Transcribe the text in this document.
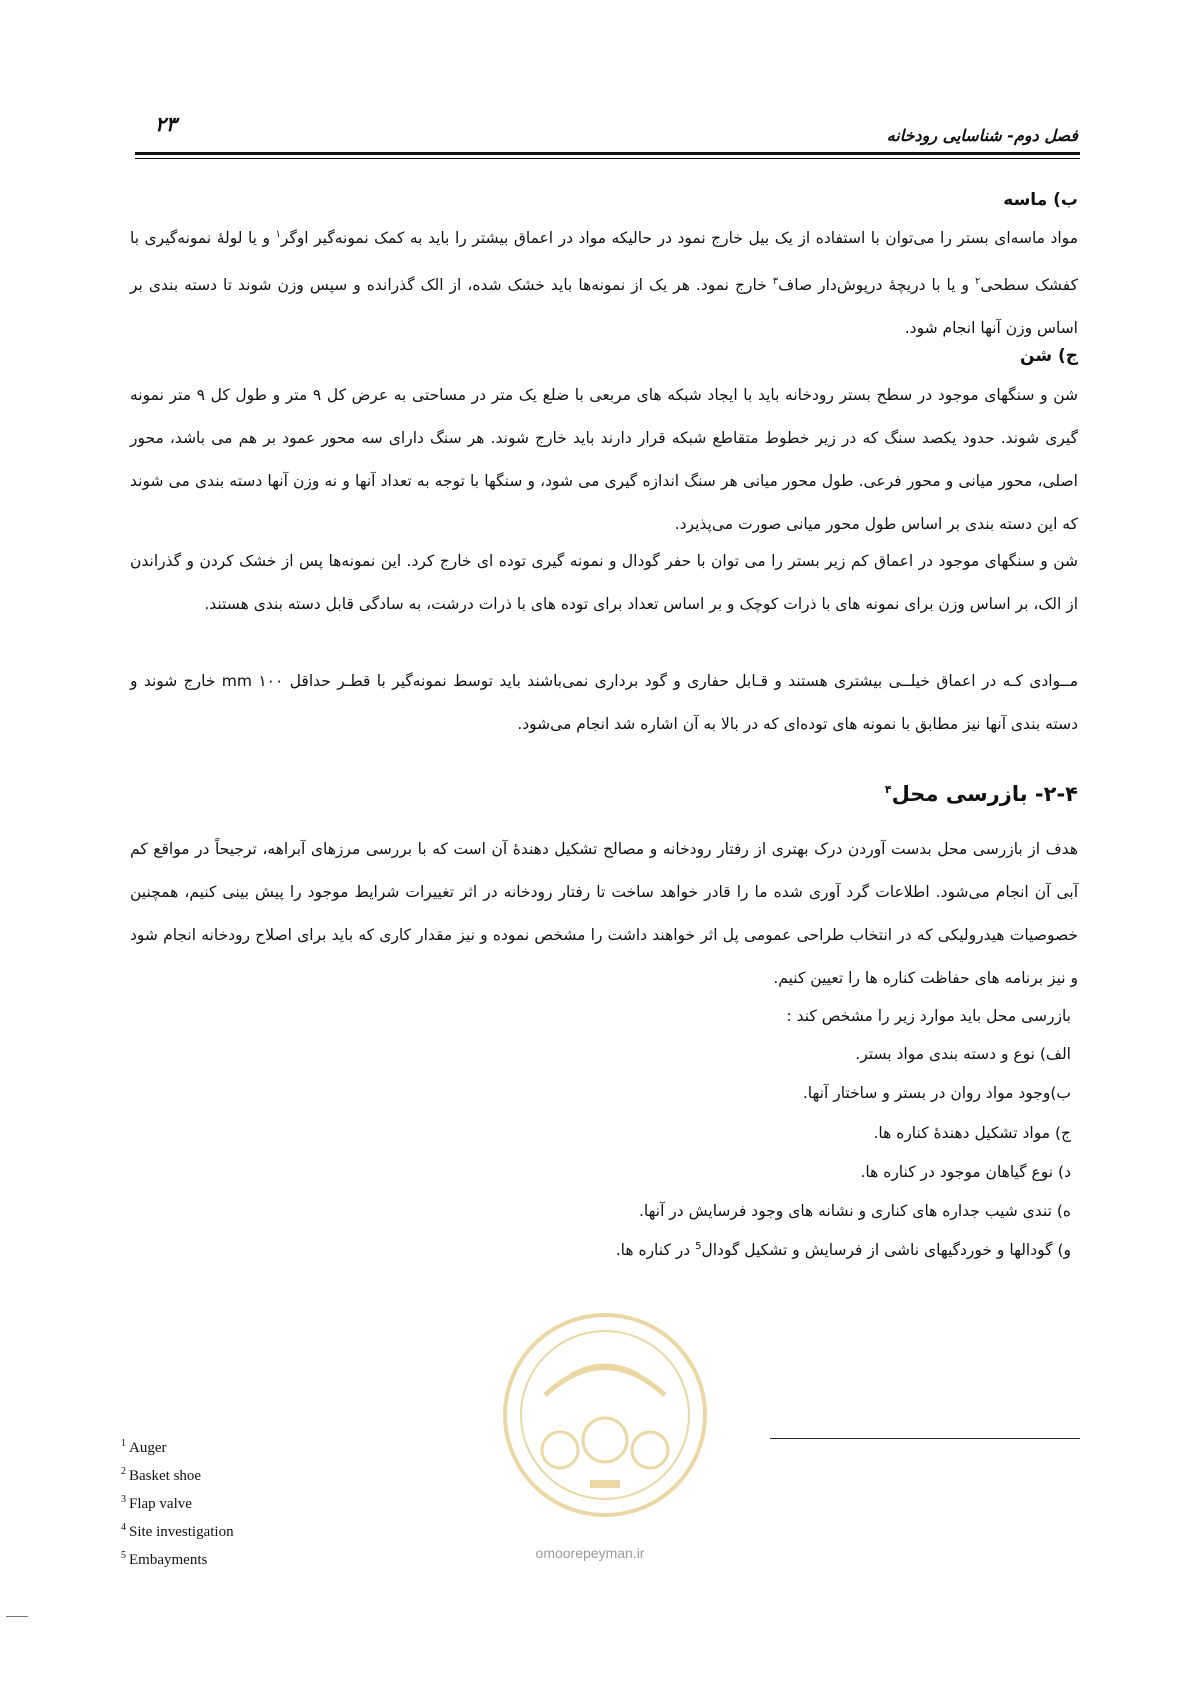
۲۳	فصل دوم- شناسایی رودخانه
ب) ماسه

مواد ماسه‌ای بستر را می‌توان با استفاده از یک بیل خارج نمود در حالیکه مواد در اعماق بیشتر را باید به کمک نمونه‌گیر اوگر$^۱$ و یا لولهٔ نمونه‌گیری با کفشک سطحی$^۲$ و یا با دریچهٔ درپوش‌دار صاف$^۳$ خارج نمود. هر یک از نمونه‌ها باید خشک شده، از الک گذرانده و سپس وزن شوند تا دسته بندی بر اساس وزن آنها انجام شود.

ج) شن

شن و سنگهای موجود در سطح بستر رودخانه باید با ایجاد شبکه های مربعی با ضلع یک متر در مساحتی به عرض کل ۹ متر و طول کل ۹ متر نمونه گیری شوند. حدود یکصد سنگ که در زیر خطوط متقاطع شبکه قرار دارند باید خارج شوند. هر سنگ دارای سه محور عمود بر هم می باشد، محور اصلی، محور میانی و محور فرعی. طول محور میانی هر سنگ اندازه گیری می شود، و سنگها با توجه به تعداد آنها و نه وزن آنها دسته بندی می شوند که این دسته بندی بر اساس طول محور میانی صورت می‌پذیرد.

شن و سنگهای موجود در اعماق کم زیر بستر را می توان با حفر گودال و نمونه گیری توده ای خارج کرد. این نمونه‌ها پس از خشک کردن و گذراندن از الک، بر اساس وزن برای نمونه های با ذرات کوچک و بر اساس تعداد برای توده های با ذرات درشت، به سادگی قابل دسته بندی هستند.

مــوادی کـه در اعماق خیلــی بیشتری هستند و قـابل حفاری و گود برداری نمی‌باشند باید توسط نمونه‌گیر با قطـر حداقل ۱۰۰ mm خارج شوند و دسته بندی آنها نیز مطابق با نمونه های توده‌ای که در بالا به آن اشاره شد انجام می‌شود.

۲-۴- بازرسی محل$^۴$

هدف از بازرسی محل بدست آوردن درک بهتری از رفتار رودخانه و مصالح تشکیل دهندهٔ آن است که با بررسی مرزهای آبراهه، ترجیحاً در مواقع کم آبی آن انجام می‌شود. اطلاعات گرد آوری شده ما را قادر خواهد ساخت تا رفتار رودخانه در اثر تغییرات شرایط موجود را پیش بینی کنیم، همچنین خصوصیات هیدرولیکی که در انتخاب طراحی عمومی پل اثر خواهند داشت را مشخص نموده و نیز مقدار کاری که باید برای اصلاح رودخانه انجام شود و نیز برنامه های حفاظت کناره ها را تعیین کنیم.

بازرسی محل باید موارد زیر را مشخص کند :
الف) نوع و دسته بندی مواد بستر.
ب)وجود مواد روان در بستر و ساختار آنها.
ج) مواد تشکیل دهندهٔ کناره ها.
د) نوع گیاهان موجود در کناره ها.
ه) تندی شیب جداره های کناری و نشانه های وجود فرسایش در آنها.
و) گودالها و خوردگیهای ناشی از فرسایش و تشکیل گودال$^5$ در کناره ها.
$^1$ Auger
$^2$ Basket shoe
$^3$ Flap valve
$^4$ Site investigation
$^5$ Embayments	omoorepeyman.ir
